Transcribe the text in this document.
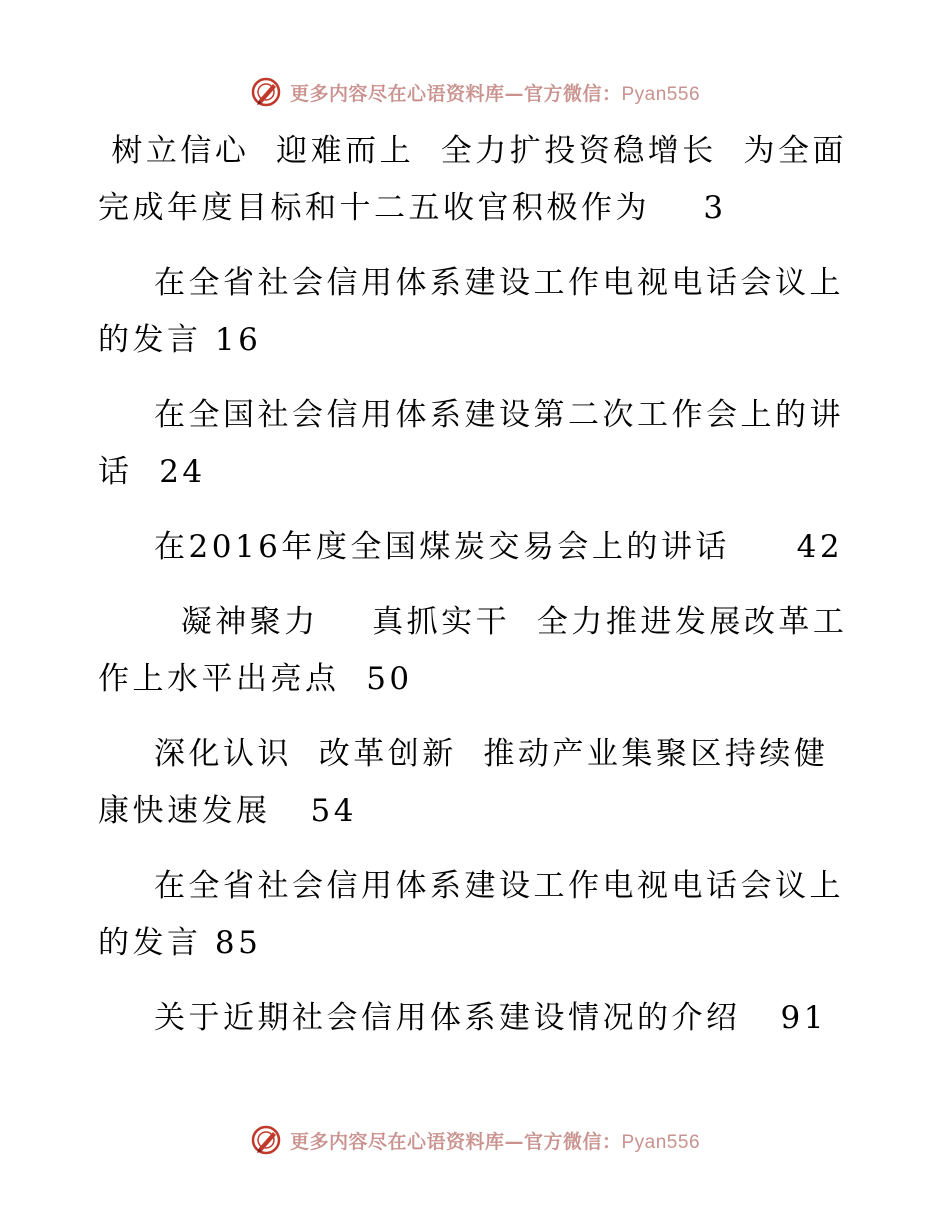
更多内容尽在心语资料库—官方微信：Pyan556

树立信心  迎难而上  全力扩投资稳增长  为全面完成年度目标和十二五收官积极作为    3

在全省社会信用体系建设工作电视电话会议上的发言 16

在全国社会信用体系建设第二次工作会上的讲话  24

在2016年度全国煤炭交易会上的讲话     42

凝神聚力    真抓实干  全力推进发展改革工作上水平出亮点  50

深化认识  改革创新  推动产业集聚区持续健康快速发展   54

在全省社会信用体系建设工作电视电话会议上的发言 85

关于近期社会信用体系建设情况的介绍   91

更多内容尽在心语资料库—官方微信：Pyan556
